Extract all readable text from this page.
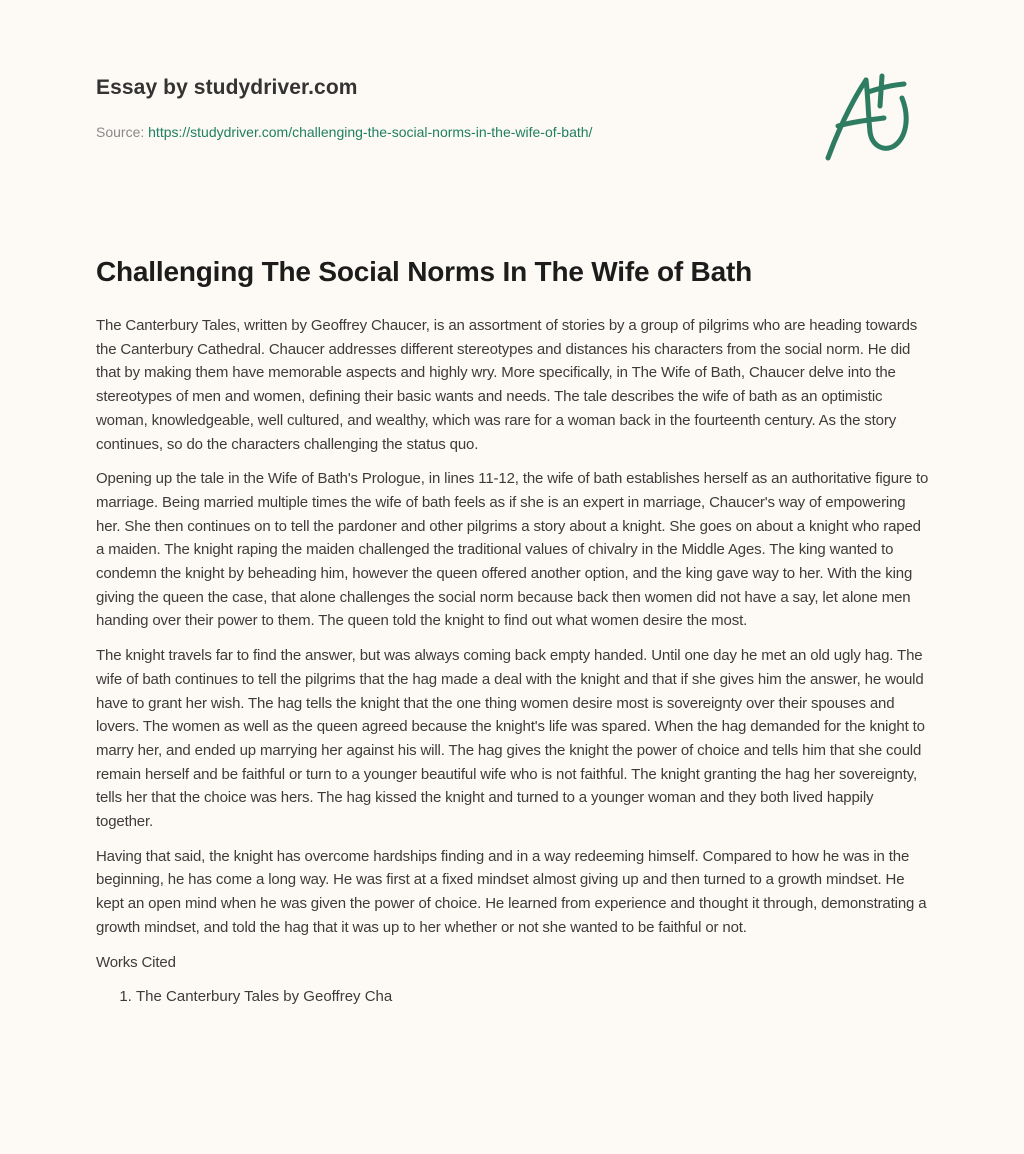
Essay by studydriver.com
Source: https://studydriver.com/challenging-the-social-norms-in-the-wife-of-bath/
Challenging The Social Norms In The Wife of Bath

The Canterbury Tales, written by Geoffrey Chaucer, is an assortment of stories by a group of pilgrims who are heading towards the Canterbury Cathedral. Chaucer addresses different stereotypes and distances his characters from the social norm. He did that by making them have memorable aspects and highly wry. More specifically, in The Wife of Bath, Chaucer delve into the stereotypes of men and women, defining their basic wants and needs. The tale describes the wife of bath as an optimistic woman, knowledgeable, well cultured, and wealthy, which was rare for a woman back in the fourteenth century. As the story continues, so do the characters challenging the status quo.

Opening up the tale in the Wife of Bath's Prologue, in lines 11-12, the wife of bath establishes herself as an authoritative figure to marriage. Being married multiple times the wife of bath feels as if she is an expert in marriage, Chaucer's way of empowering her. She then continues on to tell the pardoner and other pilgrims a story about a knight. She goes on about a knight who raped a maiden. The knight raping the maiden challenged the traditional values of chivalry in the Middle Ages. The king wanted to condemn the knight by beheading him, however the queen offered another option, and the king gave way to her. With the king giving the queen the case, that alone challenges the social norm because back then women did not have a say, let alone men handing over their power to them. The queen told the knight to find out what women desire the most.

The knight travels far to find the answer, but was always coming back empty handed. Until one day he met an old ugly hag. The wife of bath continues to tell the pilgrims that the hag made a deal with the knight and that if she gives him the answer, he would have to grant her wish. The hag tells the knight that the one thing women desire most is sovereignty over their spouses and lovers. The women as well as the queen agreed because the knight's life was spared. When the hag demanded for the knight to marry her, and ended up marrying her against his will. The hag gives the knight the power of choice and tells him that she could remain herself and be faithful or turn to a younger beautiful wife who is not faithful. The knight granting the hag her sovereignty, tells her that the choice was hers. The hag kissed the knight and turned to a younger woman and they both lived happily together.

Having that said, the knight has overcome hardships finding and in a way redeeming himself. Compared to how he was in the beginning, he has come a long way. He was first at a fixed mindset almost giving up and then turned to a growth mindset. He kept an open mind when he was given the power of choice. He learned from experience and thought it through, demonstrating a growth mindset, and told the hag that it was up to her whether or not she wanted to be faithful or not.

Works Cited

1. The Canterbury Tales by Geoffrey Cha
